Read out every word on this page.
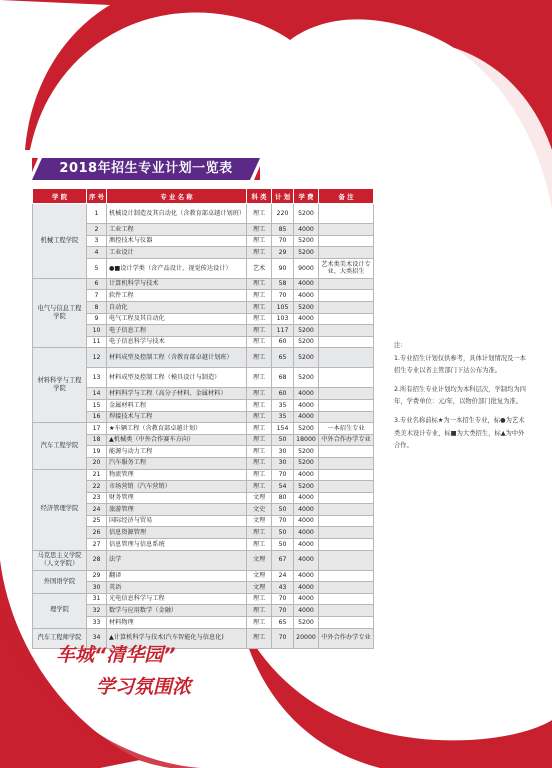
2018年招生专业计划一览表
学 院	序 号	专 业 名 称	科 类	计 划	学 费	备 注
机械工程学院	1	机械设计制造及其自动化（含教育部卓越计划班）	理工	220	5200	
	2	工业工程	理工	85	4000	
	3	测控技术与仪器	理工	70	5200	
	4	工业设计	理工	29	5200	
	5	●■设计学类（含产品设计、视觉传达设计）	艺术	90	9000	艺术类美术设计专业、大类招生
电气与信息工程学院	6	计算机科学与技术	理工	58	4000	
	7	软件工程	理工	70	4000	
	8	自动化	理工	105	5200	
	9	电气工程及其自动化	理工	103	4000	
	10	电子信息工程	理工	117	5200	
	11	电子信息科学与技术	理工	60	5200	
材料科学与工程学院	12	材料成型及控制工程（含教育部卓越计划班）	理工	65	5200	
	13	材料成型及控制工程（模具设计与制造）	理工	68	5200	
	14	材料科学与工程（高分子材料、金属材料）	理工	60	4000	
	15	金属材料工程	理工	35	4000	
	16	焊接技术与工程	理工	35	4000	
汽车工程学院	17	★车辆工程（含教育部卓越计划）	理工	154	5200	一本招生专业
	18	▲机械类（中外合作赛车方向）	理工	50	18000	中外合作办学专业
	19	能源与动力工程	理工	30	5200	
	20	汽车服务工程	理工	30	5200	
经济管理学院	21	物流管理	理工	70	4000	
	22	市场营销（汽车营销）	理工	54	5200	
	23	财务管理	文理	80	4000	
	24	旅游管理	文史	50	4000	
	25	国际经济与贸易	文理	70	4000	
	26	信息资源管理	理工	50	4000	
	27	信息管理与信息系统	理工	50	4000	
马克思主义学院（人文学院）	28	法学	文理	67	4000	
外国语学院	29	翻译	文理	24	4000	
	30	英语	文理	43	4000	
理学院	31	光电信息科学与工程	理工	70	4000	
	32	数学与应用数学（金融）	理工	70	4000	
	33	材料物理	理工	65	5200	
汽车工程师学院	34	▲计算机科学与技术(汽车智能化与信息化)	理工	70	20000	中外合作办学专业
注：
1.专业招生计划仅供参考，具体计划情况及一本招生专业以省主管部门下达公布为准。
2.所有招生专业计划均为本科层次，学制均为四年，学费单位：元/年，以物价部门批复为准。
3.专业名称前标★为一本招生专业，标●为艺术类美术设计专业，标■为大类招生，标▲为中外合作。
车城“清华园”
学习氛围浓
